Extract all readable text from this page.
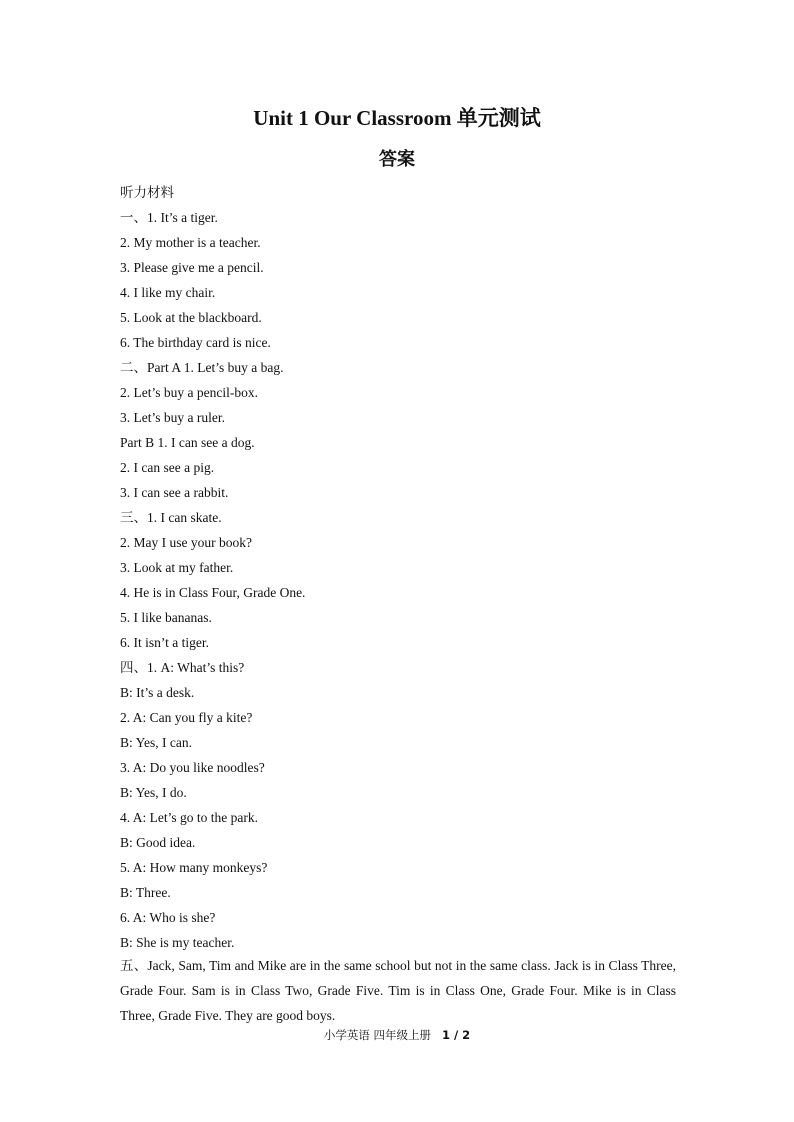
Unit 1 Our Classroom 单元测试
答案
听力材料
一、1. It’s a tiger.
2. My mother is a teacher.
3. Please give me a pencil.
4. I like my chair.
5. Look at the blackboard.
6. The birthday card is nice.
二、Part A 1. Let’s buy a bag.
2. Let’s buy a pencil-box.
3. Let’s buy a ruler.
Part B 1. I can see a dog.
2. I can see a pig.
3. I can see a rabbit.
三、1. I can skate.
2. May I use your book?
3. Look at my father.
4. He is in Class Four, Grade One.
5. I like bananas.
6. It isn’t a tiger.
四、1. A: What’s this?
B: It’s a desk.
2. A: Can you fly a kite?
B: Yes, I can.
3. A: Do you like noodles?
B: Yes, I do.
4. A: Let’s go to the park.
B: Good idea.
5. A: How many monkeys?
B: Three.
6. A: Who is she?
B: She is my teacher.
五、Jack, Sam, Tim and Mike are in the same school but not in the same class. Jack is in Class Three, Grade Four. Sam is in Class Two, Grade Five. Tim is in Class One, Grade Four. Mike is in Class Three, Grade Five. They are good boys.
小学英语 四年级上册 1 / 2
